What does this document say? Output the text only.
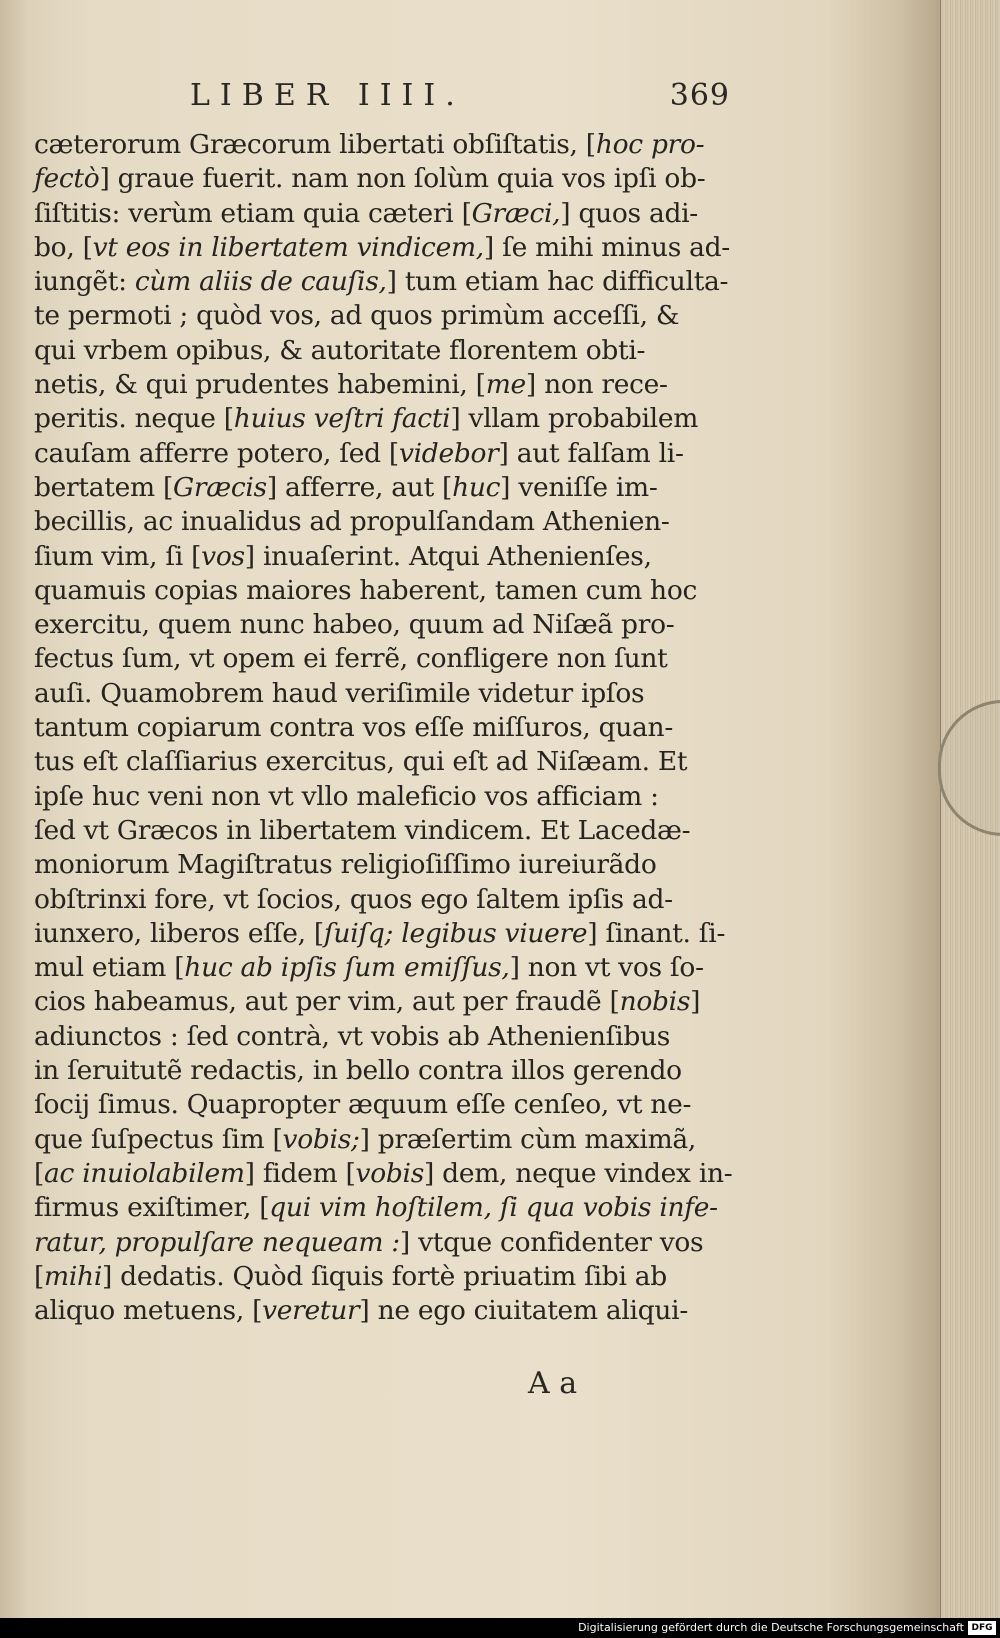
LIBER IIII.	369
cæterorum Græcorum libertati obſiſtatis, [hoc pro-
fectò] graue fuerit. nam non ſolùm quia vos ipſi ob-
ſiſtitis: verùm etiam quia cæteri [Græci,] quos adi-
bo, [vt eos in libertatem vindicem,] ſe mihi minus ad-
iungẽt: cùm aliis de cauſis,] tum etiam hac difficulta-
te permoti ; quòd vos, ad quos primùm acceſſi, &
qui vrbem opibus, & autoritate florentem obti-
netis, & qui prudentes habemini, [me] non rece-
peritis. neque [huius veſtri facti] vllam probabilem
cauſam afferre potero, ſed [videbor] aut falſam li-
bertatem [Græcis] afferre, aut [huc] veniſſe im-
becillis, ac inualidus ad propulſandam Athenien-
ſium vim, ſi [vos] inuaſerint. Atqui Athenienſes,
quamuis copias maiores haberent, tamen cum hoc
exercitu, quem nunc habeo, quum ad Niſæã pro-
fectus ſum, vt opem ei ferrẽ, confligere non ſunt
auſi. Quamobrem haud veriſimile videtur ipſos
tantum copiarum contra vos eſſe miſſuros, quan-
tus eſt claſſiarius exercitus, qui eſt ad Niſæam. Et
ipſe huc veni non vt vllo maleficio vos afficiam :
ſed vt Græcos in libertatem vindicem. Et Lacedæ-
moniorum Magiſtratus religioſiſſimo iureiurãdo
obſtrinxi fore, vt ſocios, quos ego ſaltem ipſis ad-
iunxero, liberos eſſe, [ſuiſq; legibus viuere] ſinant. ſi-
mul etiam [huc ab ipſis ſum emiſſus,] non vt vos ſo-
cios habeamus, aut per vim, aut per fraudẽ [nobis]
adiunctos : ſed contrà, vt vobis ab Athenienſibus
in ſeruitutẽ redactis, in bello contra illos gerendo
ſocij ſimus. Quapropter æquum eſſe cenſeo, vt ne-
que ſuſpectus ſim [vobis;] præſertim cùm maximã,
[ac inuiolabilem] fidem [vobis] dem, neque vindex in-
firmus exiſtimer, [qui vim hoſtilem, ſi qua vobis infe-
ratur, propulſare nequeam :] vtque confidenter vos
[mihi] dedatis. Quòd ſiquis fortè priuatim ſibi ab
aliquo metuens, [veretur] ne ego ciuitatem aliqui-
A a
Digitalisierung gefördert durch die Deutsche Forschungsgemeinschaft DFG
